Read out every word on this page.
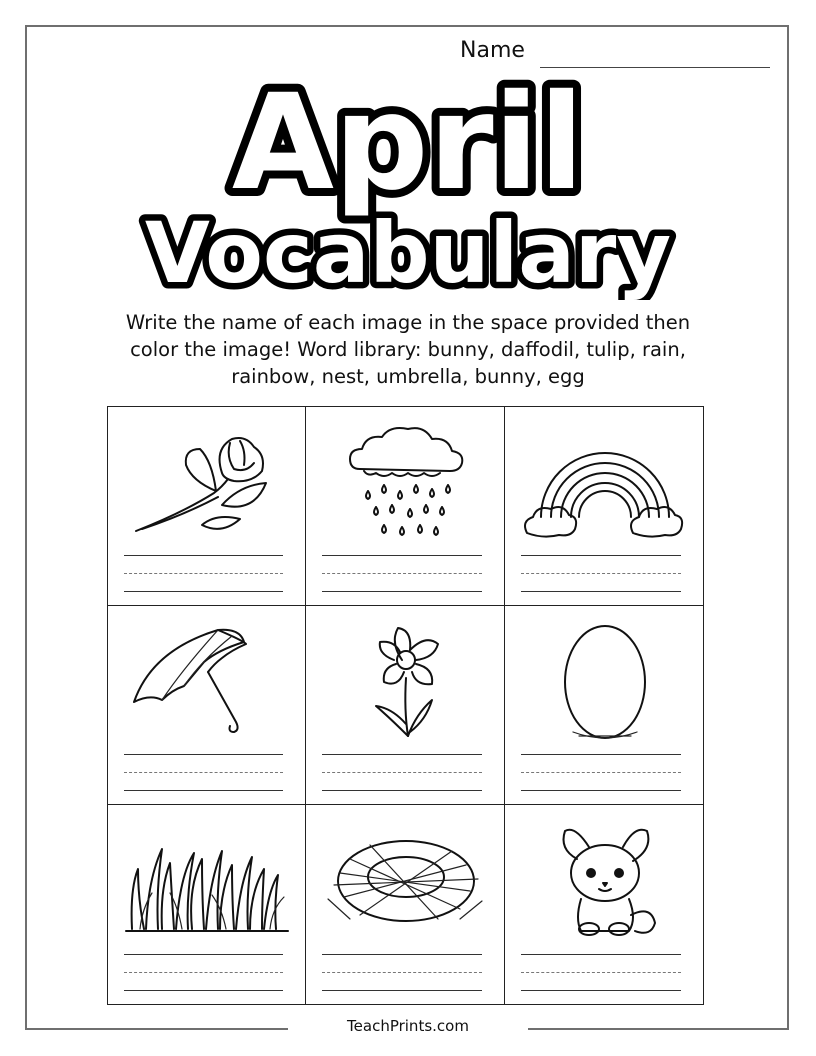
TeachPrints.com
Name
April
Vocabulary
Write the name of each image in the space provided then
color the image! Word library: bunny, daffodil, tulip, rain,
rainbow, nest, umbrella, bunny, egg
